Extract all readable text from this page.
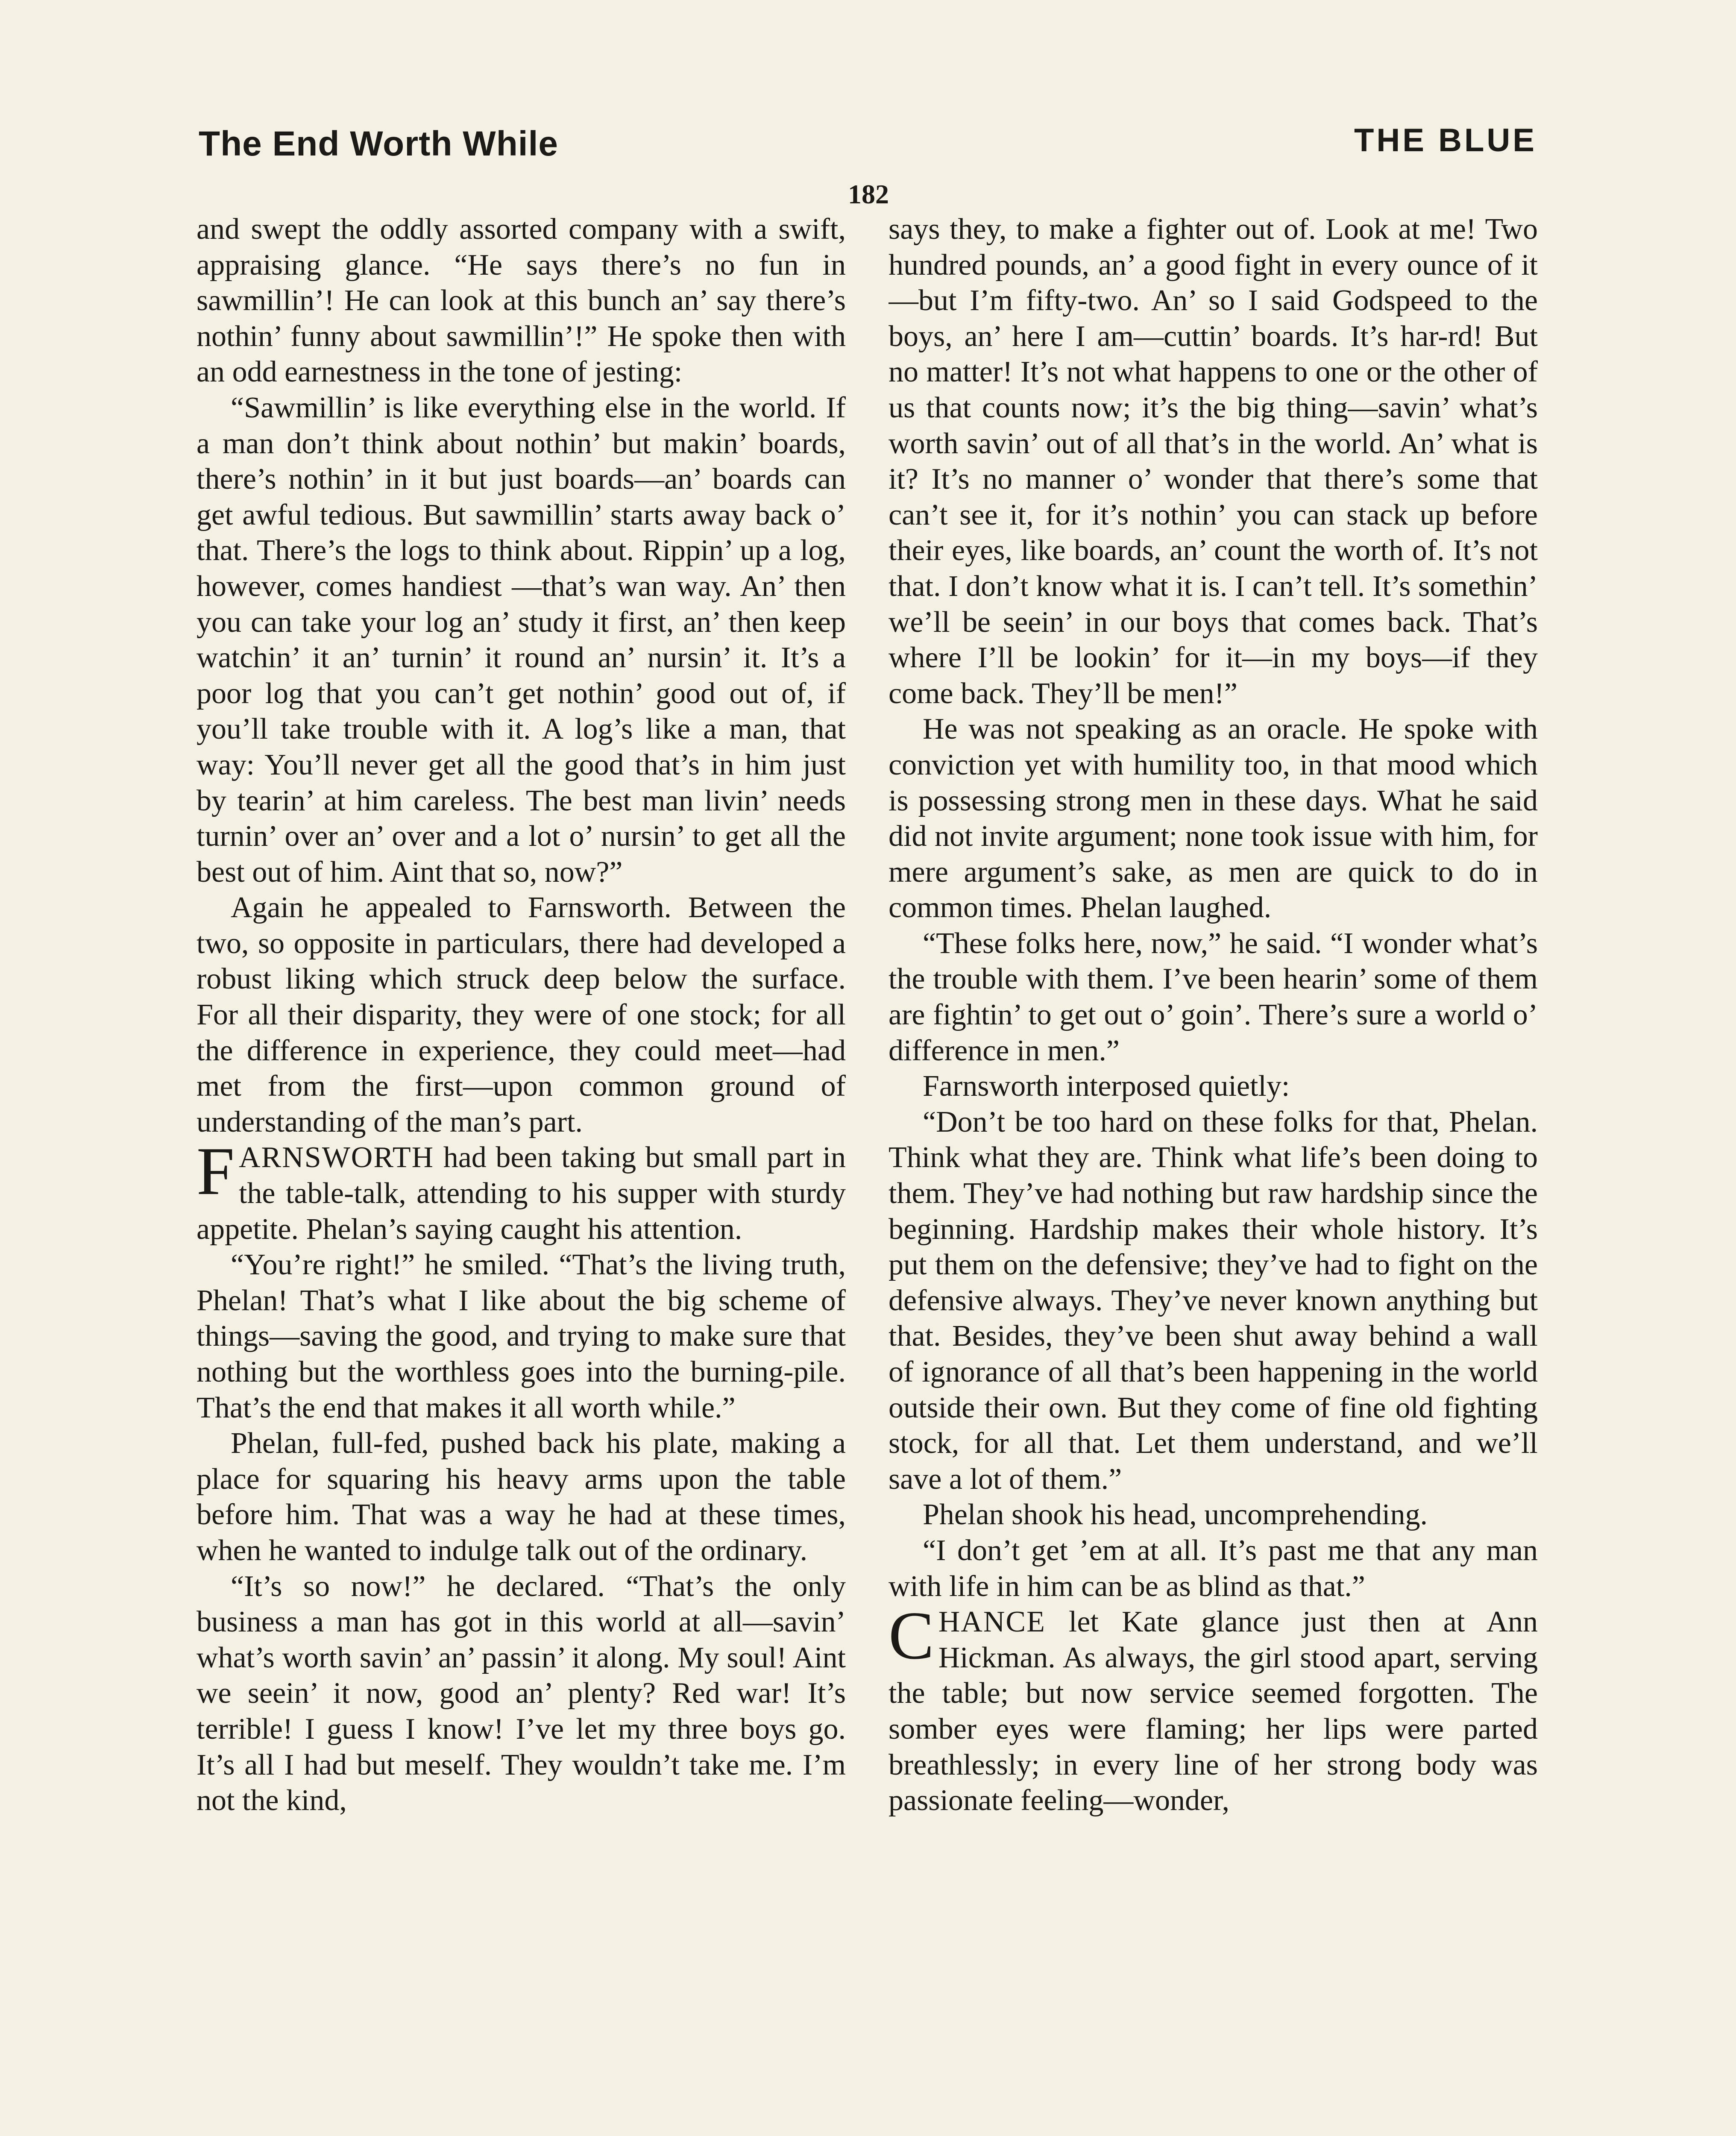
The End Worth While	THE BLUE
182

and swept the oddly assorted company with a swift, appraising glance. “He says there’s no fun in sawmillin’! He can look at this bunch an’ say there’s nothin’ funny about sawmillin’!” He spoke then with an odd earnestness in the tone of jesting:

“Sawmillin’ is like everything else in the world. If a man don’t think about nothin’ but makin’ boards, there’s nothin’ in it but just boards—an’ boards can get awful tedious. But sawmillin’ starts away back o’ that. There’s the logs to think about. Rippin’ up a log, however, comes handiest —that’s wan way. An’ then you can take your log an’ study it first, an’ then keep watchin’ it an’ turnin’ it round an’ nursin’ it. It’s a poor log that you can’t get nothin’ good out of, if you’ll take trouble with it. A log’s like a man, that way: You’ll never get all the good that’s in him just by tearin’ at him careless. The best man livin’ needs turnin’ over an’ over and a lot o’ nursin’ to get all the best out of him. Aint that so, now?”

Again he appealed to Farnsworth. Between the two, so opposite in particulars, there had developed a robust liking which struck deep below the surface. For all their disparity, they were of one stock; for all the difference in experience, they could meet—had met from the first—upon common ground of understanding of the man’s part.

FARNSWORTH had been taking but small part in the table-talk, attending to his supper with sturdy appetite. Phelan’s saying caught his attention.

“You’re right!” he smiled. “That’s the living truth, Phelan! That’s what I like about the big scheme of things—saving the good, and trying to make sure that nothing but the worthless goes into the burning-pile. That’s the end that makes it all worth while.”

Phelan, full-fed, pushed back his plate, making a place for squaring his heavy arms upon the table before him. That was a way he had at these times, when he wanted to indulge talk out of the ordinary.

“It’s so now!” he declared. “That’s the only business a man has got in this world at all—savin’ what’s worth savin’ an’ passin’ it along. My soul! Aint we seein’ it now, good an’ plenty? Red war! It’s terrible! I guess I know! I’ve let my three boys go. It’s all I had but meself. They wouldn’t take me. I’m not the kind,

says they, to make a fighter out of. Look at me! Two hundred pounds, an’ a good fight in every ounce of it—but I’m fifty-two. An’ so I said Godspeed to the boys, an’ here I am—cuttin’ boards. It’s har-rd! But no matter! It’s not what happens to one or the other of us that counts now; it’s the big thing—savin’ what’s worth savin’ out of all that’s in the world. An’ what is it? It’s no manner o’ wonder that there’s some that can’t see it, for it’s nothin’ you can stack up before their eyes, like boards, an’ count the worth of. It’s not that. I don’t know what it is. I can’t tell. It’s somethin’ we’ll be seein’ in our boys that comes back. That’s where I’ll be lookin’ for it—in my boys—if they come back. They’ll be men!”

He was not speaking as an oracle. He spoke with conviction yet with humility too, in that mood which is possessing strong men in these days. What he said did not invite argument; none took issue with him, for mere argument’s sake, as men are quick to do in common times. Phelan laughed.

“These folks here, now,” he said. “I wonder what’s the trouble with them. I’ve been hearin’ some of them are fightin’ to get out o’ goin’. There’s sure a world o’ difference in men.”

Farnsworth interposed quietly:

“Don’t be too hard on these folks for that, Phelan. Think what they are. Think what life’s been doing to them. They’ve had nothing but raw hardship since the beginning. Hardship makes their whole history. It’s put them on the defensive; they’ve had to fight on the defensive always. They’ve never known anything but that. Besides, they’ve been shut away behind a wall of ignorance of all that’s been happening in the world outside their own. But they come of fine old fighting stock, for all that. Let them understand, and we’ll save a lot of them.”

Phelan shook his head, uncomprehending.

“I don’t get ’em at all. It’s past me that any man with life in him can be as blind as that.”

CHANCE let Kate glance just then at Ann Hickman. As always, the girl stood apart, serving the table; but now service seemed forgotten. The somber eyes were flaming; her lips were parted breathlessly; in every line of her strong body was passionate feeling—wonder,
